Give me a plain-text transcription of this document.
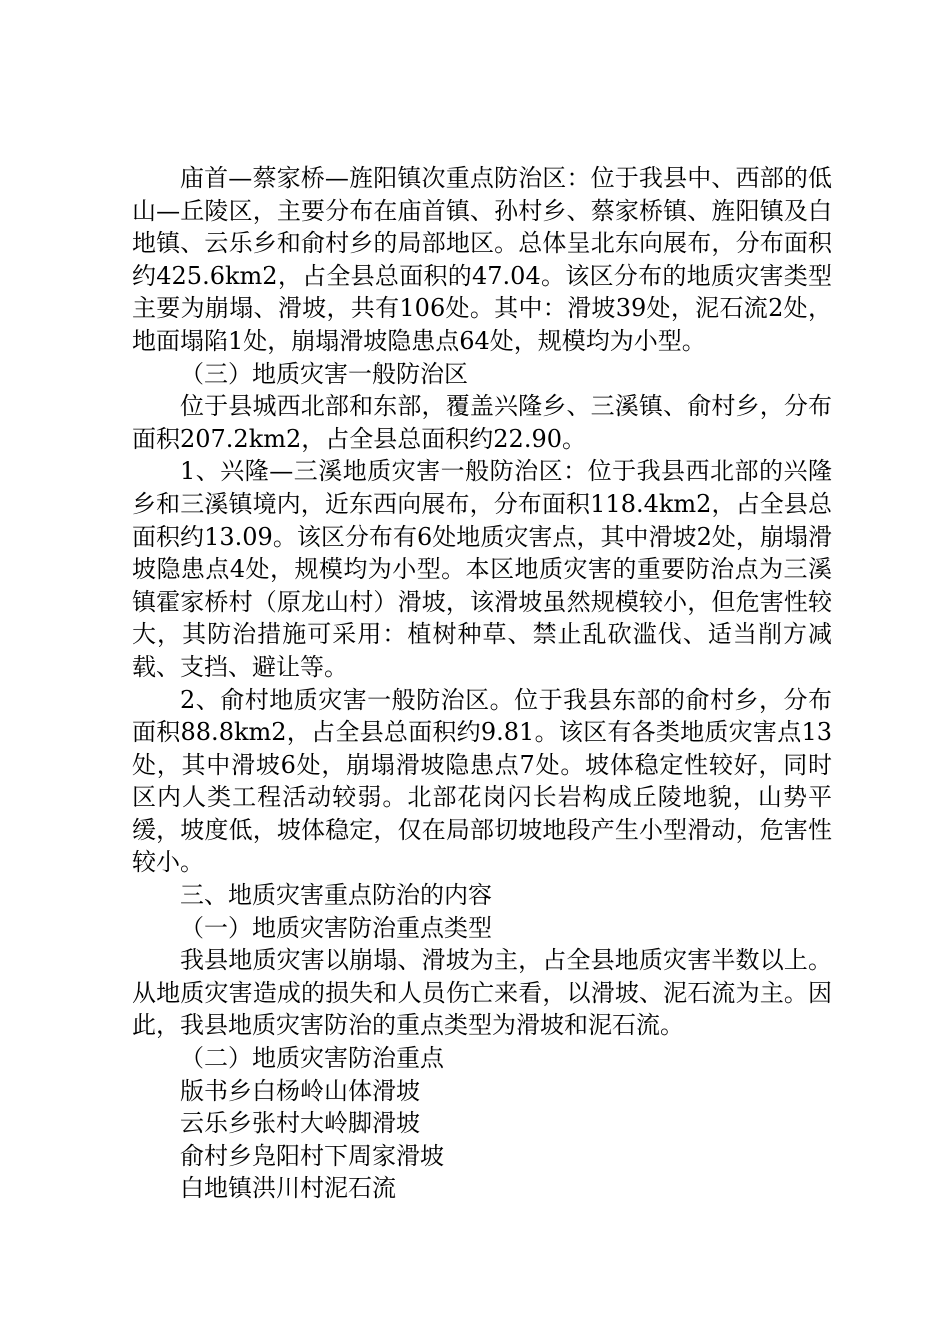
庙首—蔡家桥—旌阳镇次重点防治区：位于我县中、西部的低山—丘陵区，主要分布在庙首镇、孙村乡、蔡家桥镇、旌阳镇及白地镇、云乐乡和俞村乡的局部地区。总体呈北东向展布，分布面积约425.6km2，占全县总面积的47.04。该区分布的地质灾害类型主要为崩塌、滑坡，共有106处。其中：滑坡39处，泥石流2处，地面塌陷1处，崩塌滑坡隐患点64处，规模均为小型。

（三）地质灾害一般防治区

位于县城西北部和东部，覆盖兴隆乡、三溪镇、俞村乡，分布面积207.2km2，占全县总面积约22.90。

1、兴隆—三溪地质灾害一般防治区：位于我县西北部的兴隆乡和三溪镇境内，近东西向展布，分布面积118.4km2，占全县总面积约13.09。该区分布有6处地质灾害点，其中滑坡2处，崩塌滑坡隐患点4处，规模均为小型。本区地质灾害的重要防治点为三溪镇霍家桥村（原龙山村）滑坡，该滑坡虽然规模较小，但危害性较大，其防治措施可采用：植树种草、禁止乱砍滥伐、适当削方减载、支挡、避让等。

2、俞村地质灾害一般防治区。位于我县东部的俞村乡，分布面积88.8km2，占全县总面积约9.81。该区有各类地质灾害点13处，其中滑坡6处，崩塌滑坡隐患点7处。坡体稳定性较好，同时区内人类工程活动较弱。北部花岗闪长岩构成丘陵地貌，山势平缓，坡度低，坡体稳定，仅在局部切坡地段产生小型滑动，危害性较小。

三、地质灾害重点防治的内容

（一）地质灾害防治重点类型

我县地质灾害以崩塌、滑坡为主，占全县地质灾害半数以上。从地质灾害造成的损失和人员伤亡来看，以滑坡、泥石流为主。因此，我县地质灾害防治的重点类型为滑坡和泥石流。

（二）地质灾害防治重点

版书乡白杨岭山体滑坡

云乐乡张村大岭脚滑坡

俞村乡凫阳村下周家滑坡

白地镇洪川村泥石流
